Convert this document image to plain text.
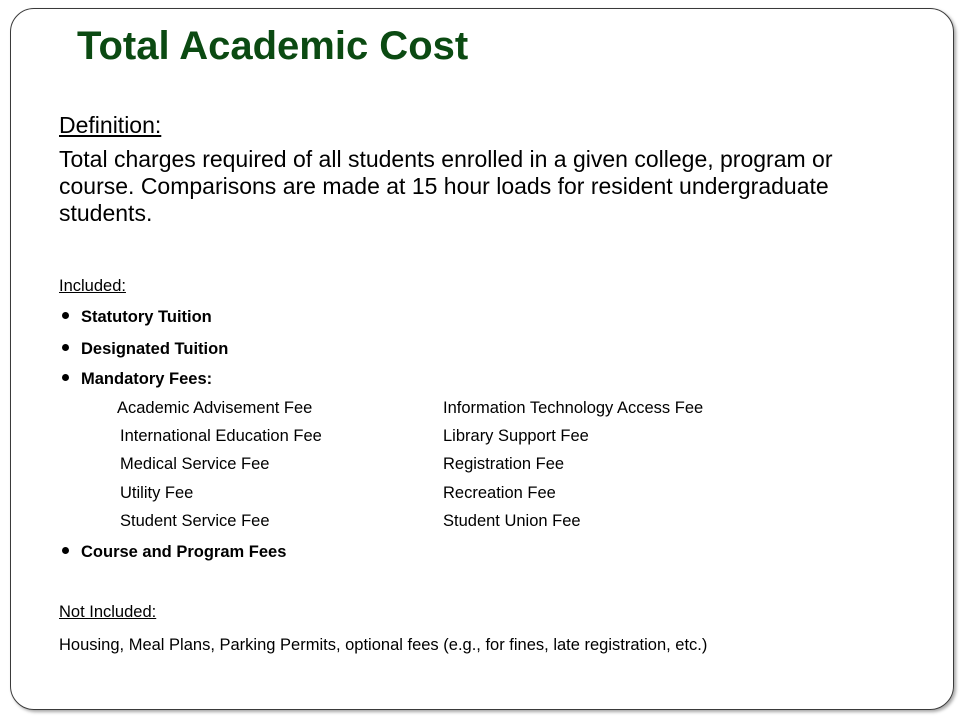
Total Academic Cost
Definition:
Total charges required of all students enrolled in a given college, program or course. Comparisons are made at 15 hour loads for resident undergraduate students.
Included:
Statutory Tuition
Designated Tuition
Mandatory Fees:
Academic Advisement Fee
International Education Fee
Medical Service Fee
Utility Fee
Student Service Fee
Information Technology Access Fee
Library Support Fee
Registration Fee
Recreation Fee
Student Union Fee
Course and Program Fees
Not Included:
Housing, Meal Plans, Parking Permits, optional fees (e.g., for fines, late registration, etc.)
